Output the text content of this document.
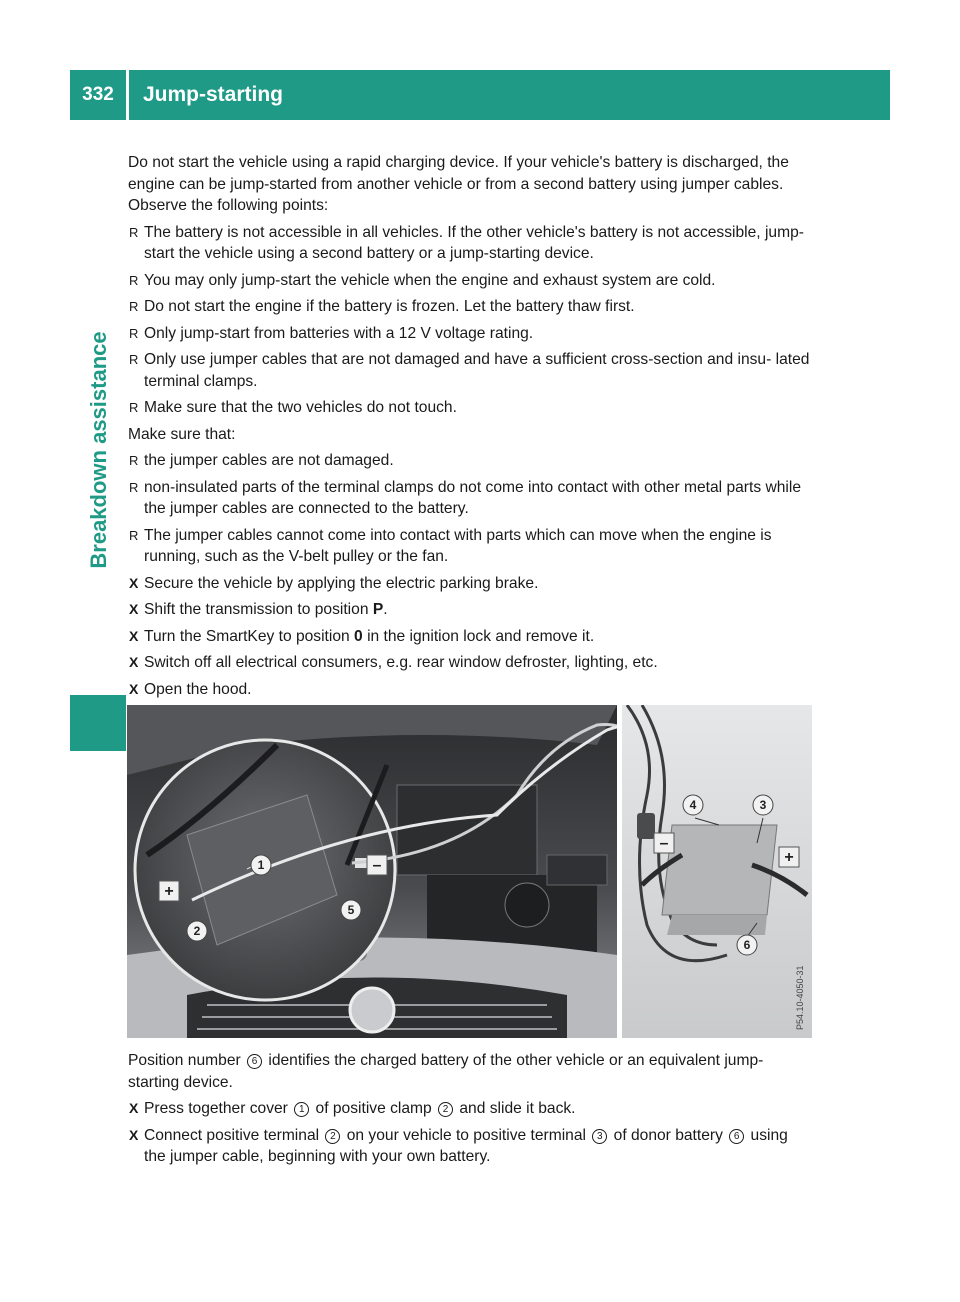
332	Jump-starting
Breakdown assistance

Do not start the vehicle using a rapid charging device. If your vehicle's battery is discharged, the engine can be jump-started from another vehicle or from a second battery using jumper cables. Observe the following points:

R The battery is not accessible in all vehicles. If the other vehicle's battery is not accessible, jump-start the vehicle using a second battery or a jump-starting device.
R You may only jump-start the vehicle when the engine and exhaust system are cold.
R Do not start the engine if the battery is frozen. Let the battery thaw first.
R Only jump-start from batteries with a 12 V voltage rating.
R Only use jumper cables that are not damaged and have a sufficient cross-section and insu- lated terminal clamps.
R Make sure that the two vehicles do not touch.

Make sure that:

R the jumper cables are not damaged.
R non-insulated parts of the terminal clamps do not come into contact with other metal parts while the jumper cables are connected to the battery.
R The jumper cables cannot come into contact with parts which can move when the engine is running, such as the V-belt pulley or the fan.
X Secure the vehicle by applying the electric parking brake.
X Shift the transmission to position P.
X Turn the SmartKey to position 0 in the ignition lock and remove it.
X Switch off all electrical consumers, e.g. rear window defroster, lighting, etc.
X Open the hood.
+
–
–
+
1
2
3
4
5
6
P54.10-4050-31

Position number 6 identifies the charged battery of the other vehicle or an equivalent jump- starting device.

X Press together cover 1 of positive clamp 2 and slide it back.
X Connect positive terminal 2 on your vehicle to positive terminal 3 of donor battery 6 using the jumper cable, beginning with your own battery.
